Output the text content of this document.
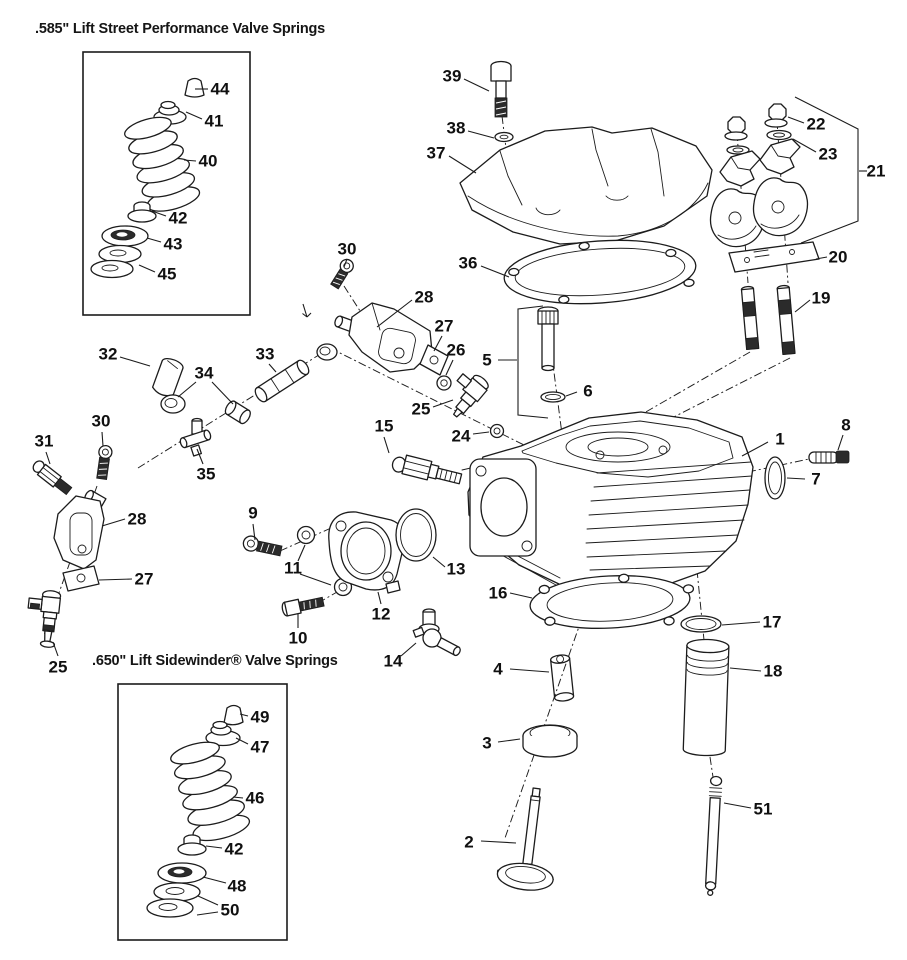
.585" Lift Street Performance Valve Springs
.650" Lift Sidewinder® Valve Springs
44
41
40
42
43
45
39
38
37
36
22
23
21
20
19
30
28
27
26
25
24
5
6
15
1
8
7
9
11
12
13
10
14
16
4
3
2
17
18
51
31
30
32
34
33
35
28
27
25
49
47
46
42
48
50
